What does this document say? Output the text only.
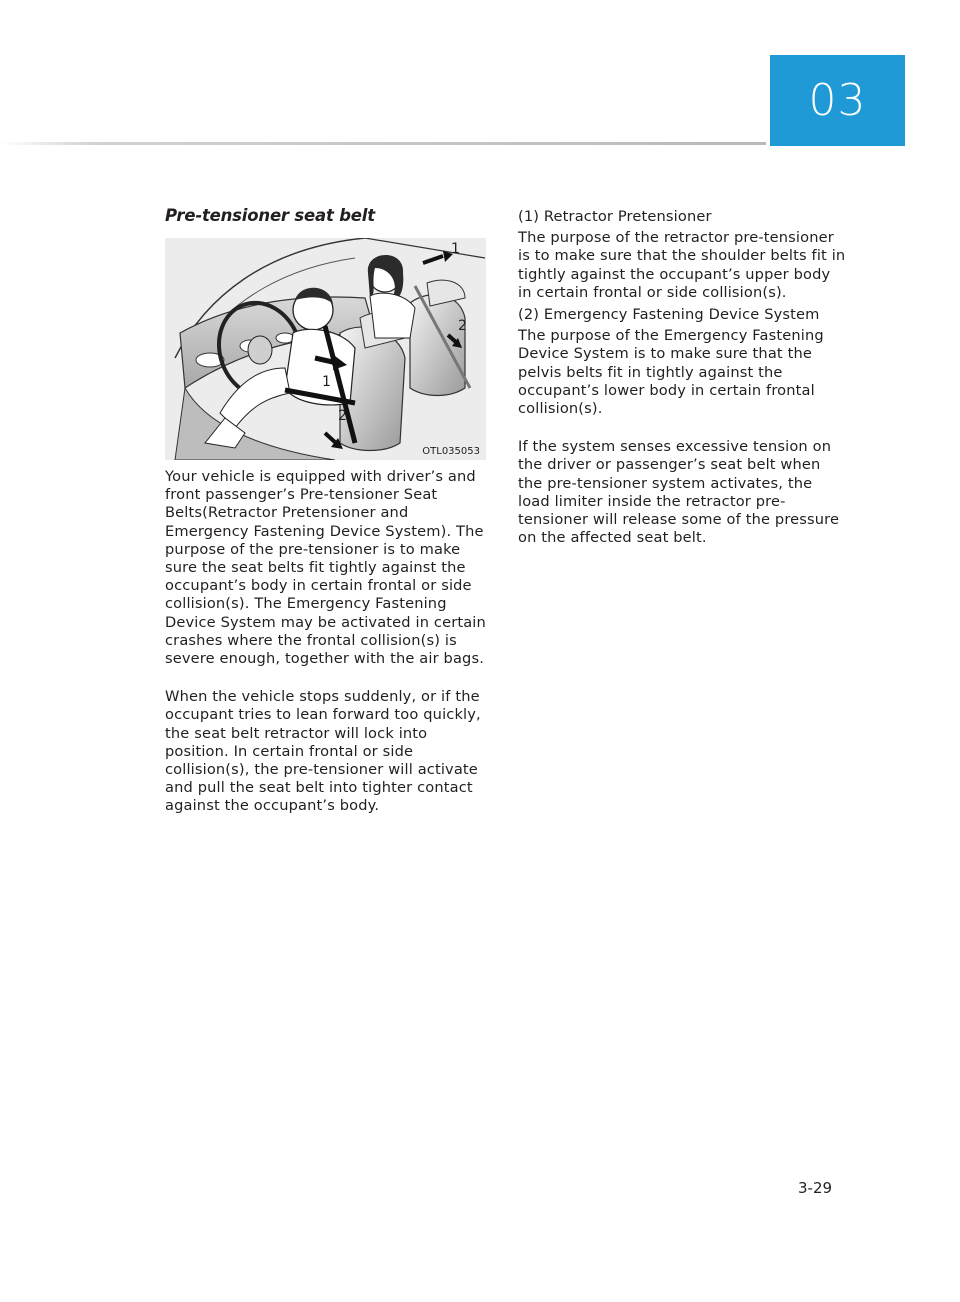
03
Pre-tensioner seat belt
1
2
1
2
OTL035053

Your vehicle is equipped with driver’s and front passenger’s Pre-tensioner Seat Belts(Retractor Pretensioner and Emergency Fastening Device System). The purpose of the pre-tensioner is to make sure the seat belts fit tightly against the occupant’s body in certain frontal or side collision(s). The Emergency Fastening Device System may be activated in certain crashes where the frontal collision(s) is severe enough, together with the air bags.

When the vehicle stops suddenly, or if the occupant tries to lean forward too quickly, the seat belt retractor will lock into position. In certain frontal or side collision(s), the pre-tensioner will activate and pull the seat belt into tighter contact against the occupant’s body.

(1) Retractor Pretensioner

The purpose of the retractor pre-tensioner is to make sure that the shoulder belts fit in tightly against the occupant’s upper body in certain frontal or side collision(s).

(2) Emergency Fastening Device System

The purpose of the Emergency Fastening Device System is to make sure that the pelvis belts fit in tightly against the occupant’s lower body in certain frontal collision(s).

If the system senses excessive tension on the driver or passenger’s seat belt when the pre-tensioner system activates, the load limiter inside the retractor pre-tensioner will release some of the pressure on the affected seat belt.

3-29
